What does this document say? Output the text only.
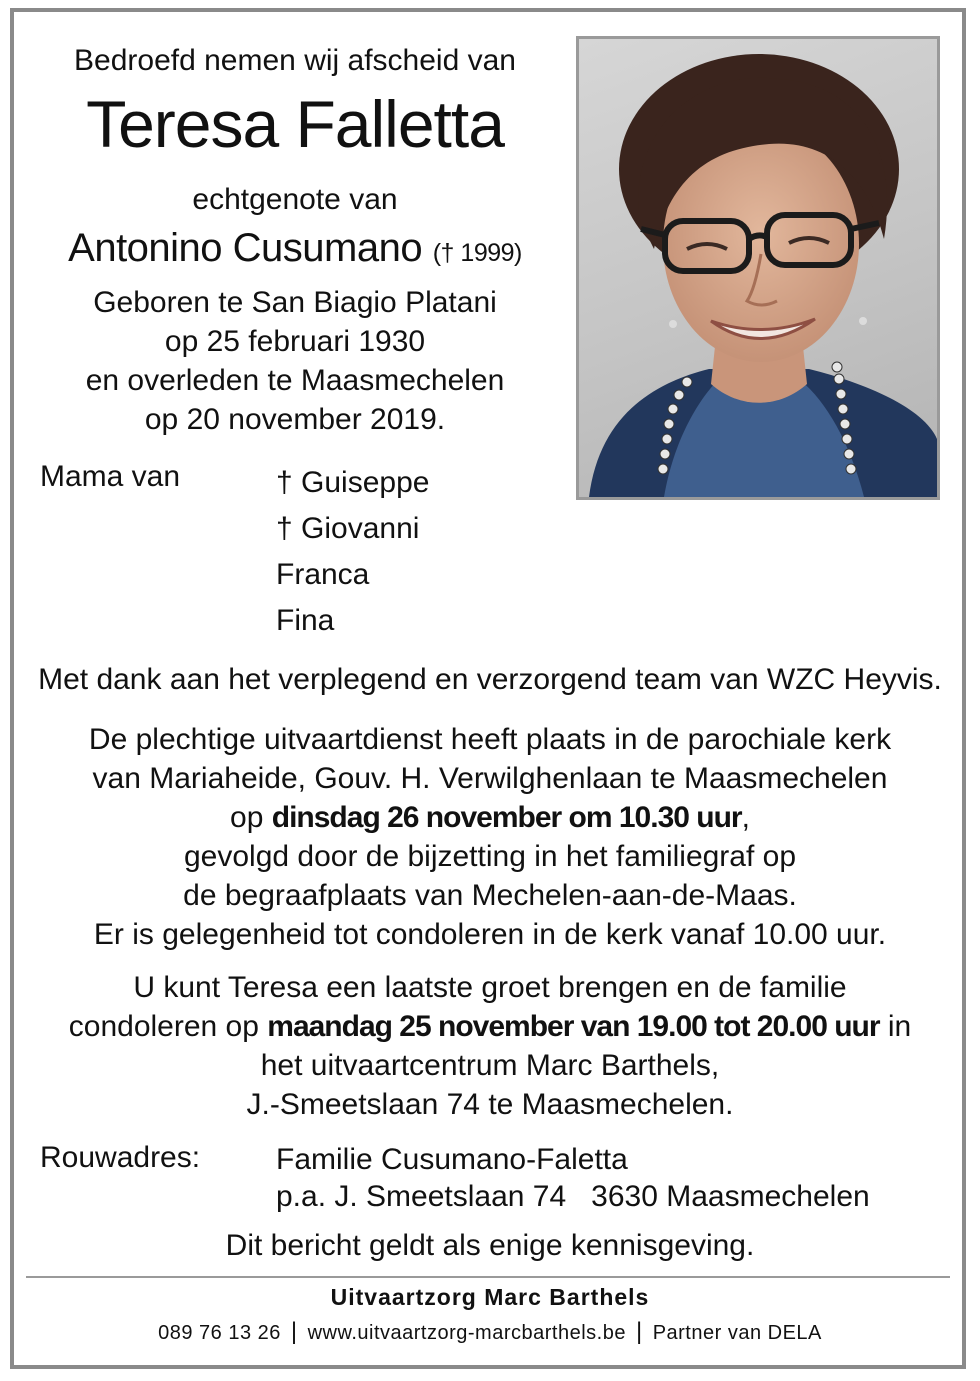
Bedroefd nemen wij afscheid van
Teresa Falletta
echtgenote van
Antonino Cusumano († 1999)
Geboren te San Biagio Platani
op 25 februari 1930
en overleden te Maasmechelen
op 20 november 2019.
Mama van	† Guiseppe
† Giovanni
Franca
Fina
Met dank aan het verplegend en verzorgend team van WZC Heyvis.
De plechtige uitvaartdienst heeft plaats in de parochiale kerk
van Mariaheide, Gouv. H. Verwilghenlaan te Maasmechelen
op dinsdag 26 november om 10.30 uur,
gevolgd door de bijzetting in het familiegraf op
de begraafplaats van Mechelen-aan-de-Maas.
Er is gelegenheid tot condoleren in de kerk vanaf 10.00 uur.
U kunt Teresa een laatste groet brengen en de familie
condoleren op maandag 25 november van 19.00 tot 20.00 uur in
het uitvaartcentrum Marc Barthels,
J.-Smeetslaan 74 te Maasmechelen.
Rouwadres:	Familie Cusumano-Faletta
p.a. J. Smeetslaan 74   3630 Maasmechelen
Dit bericht geldt als enige kennisgeving.
Uitvaartzorg Marc Barthels
089 76 13 26 | www.uitvaartzorg-marcbarthels.be | Partner van DELA
